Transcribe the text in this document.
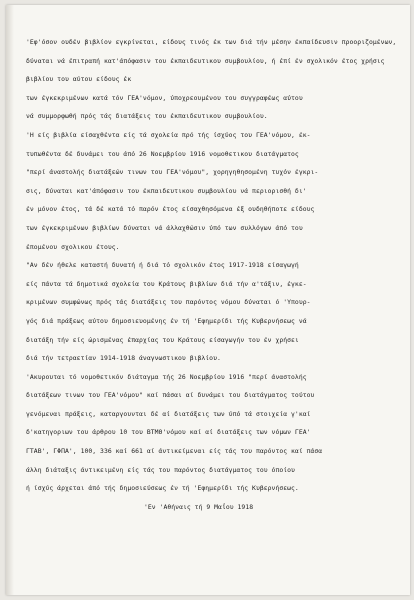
'Εφ'όσον ουδέν βιβλίον εγκρίνεται, είδους τινός έκ των διά τήν μέσην έκπαίδευσιν προοριζομένων, δύναται νά έπιτραπή κατ'άπόφασιν του έκπαιδευτικου συμβουλίου, ή έπί έν σχολικόν έτος χρήσις βιβλίου του αύτου είδους έκ
των έγκεκριμένων κατά τόν ΓΕΑ'νόμον, ύποχρεουμένου του συγγραφέως αύτου
νά συμμορφωθή πρός τάς διατάξεις του έκπαιδευτικου συμβουλίου.
'Η είς βιβλία είσαχθέντα είς τά σχολεία πρό τής ίσχύος του ΓΕΑ'νόμου, έκ-
τυπωθέντα δέ δυνάμει του άπό 26 Νοεμβρίου 1916 νομοθετικου διατάγματος
"περί άναστολής διατάξεών τινων του ΓΕΑ'νόμου", χορηγηθησομένη τυχόν έγκρι-
σις, δύναται κατ'άπόφασιν του έκπαιδευτικου συμβουλίου νά περιορισθή δι'
έν μόνον έτος, τά δέ κατά τό παρόν έτος είσαχθησόμενα έξ ουδηθήποτε είδους
των έγκεκριμένων βιβλίων δύναται νά άλλαχθώσιν ύπό των συλλόγων άπό του
έπομένου σχολικου έτους.
"Αν δέν ήθελε καταστή δυνατή ή διά τό σχολικόν έτος 1917-1918 είσαγωγή
είς πάντα τά δημοτικά σχολεία του Κράτους βιβλίων διά τήν α'τάξιν, έγκε-
κριμένων συμφώνως πρός τάς διατάξεις του παρόντος νόμου δύναται ό 'Υπουρ-
γός διά πράξεως αύτου δημοσιευομένης έν τή 'Εφημερίδι τής Κυβερνήσεως νά
διατάξη τήν είς ώρισμένας έπαρχίας του Κράτους είσαγωγήν του έν χρήσει
διά τήν τετραετίαν 1914-1918 άναγνωστικου βιβλίου.
'Ακυρουται τό νομοθετικόν διάταγμα τής 26 Νοεμβρίου 1916 "περί άναστολής
διατάξεων τινων του ΓΕΑ'νόμου" καί πάσαι αί δυνάμει του διατάγματος τούτου
γενόμεναι πράξεις, καταργουνται δέ αί διατάξεις των ύπό τά στοιχεία γ'καί
δ'κατηγοριων του άρθρου 10 του ΒΤΜΘ'νόμου καί αί διατάξεις των νόμων ΓΕΑ'
ΓΤΑΒ', ΓΦΠΑ', 100, 336 καί 661 αί άντικείμεναι είς τάς του παρόντος καί πάσα
άλλη διάταξις άντικειμένη είς τάς του παρόντος διατάγματος του όποίου
ή ίσχύς άρχεται άπό τής δημοσιεύσεως έν τή 'Εφημερίδι τής Κυβερνήσεως.
'Εν 'Αθήναις τή 9 Μαΐου 1918
